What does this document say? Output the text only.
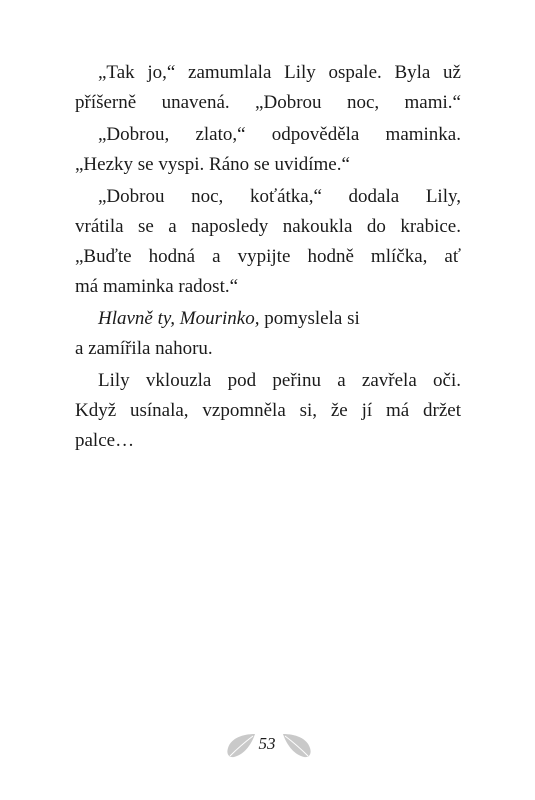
„Tak jo,“ zamumlala Lily ospale. Byla už
příšerně unavená. „Dobrou noc, mami.“
„Dobrou, zlato,“ odpověděla maminka.
„Hezky se vyspi. Ráno se uvidíme.“
„Dobrou noc, koťátka,“ dodala Lily,
vrátila se a naposledy nakoukla do krabice.
„Buďte hodná a vypijte hodně mlíčka, ať
má maminka radost.“
Hlavně ty, Mourinko, pomyslela si
a zamířila nahoru.
Lily vklouzla pod peřinu a zavřela oči.
Když usínala, vzpomněla si, že jí má držet
palce…
53
